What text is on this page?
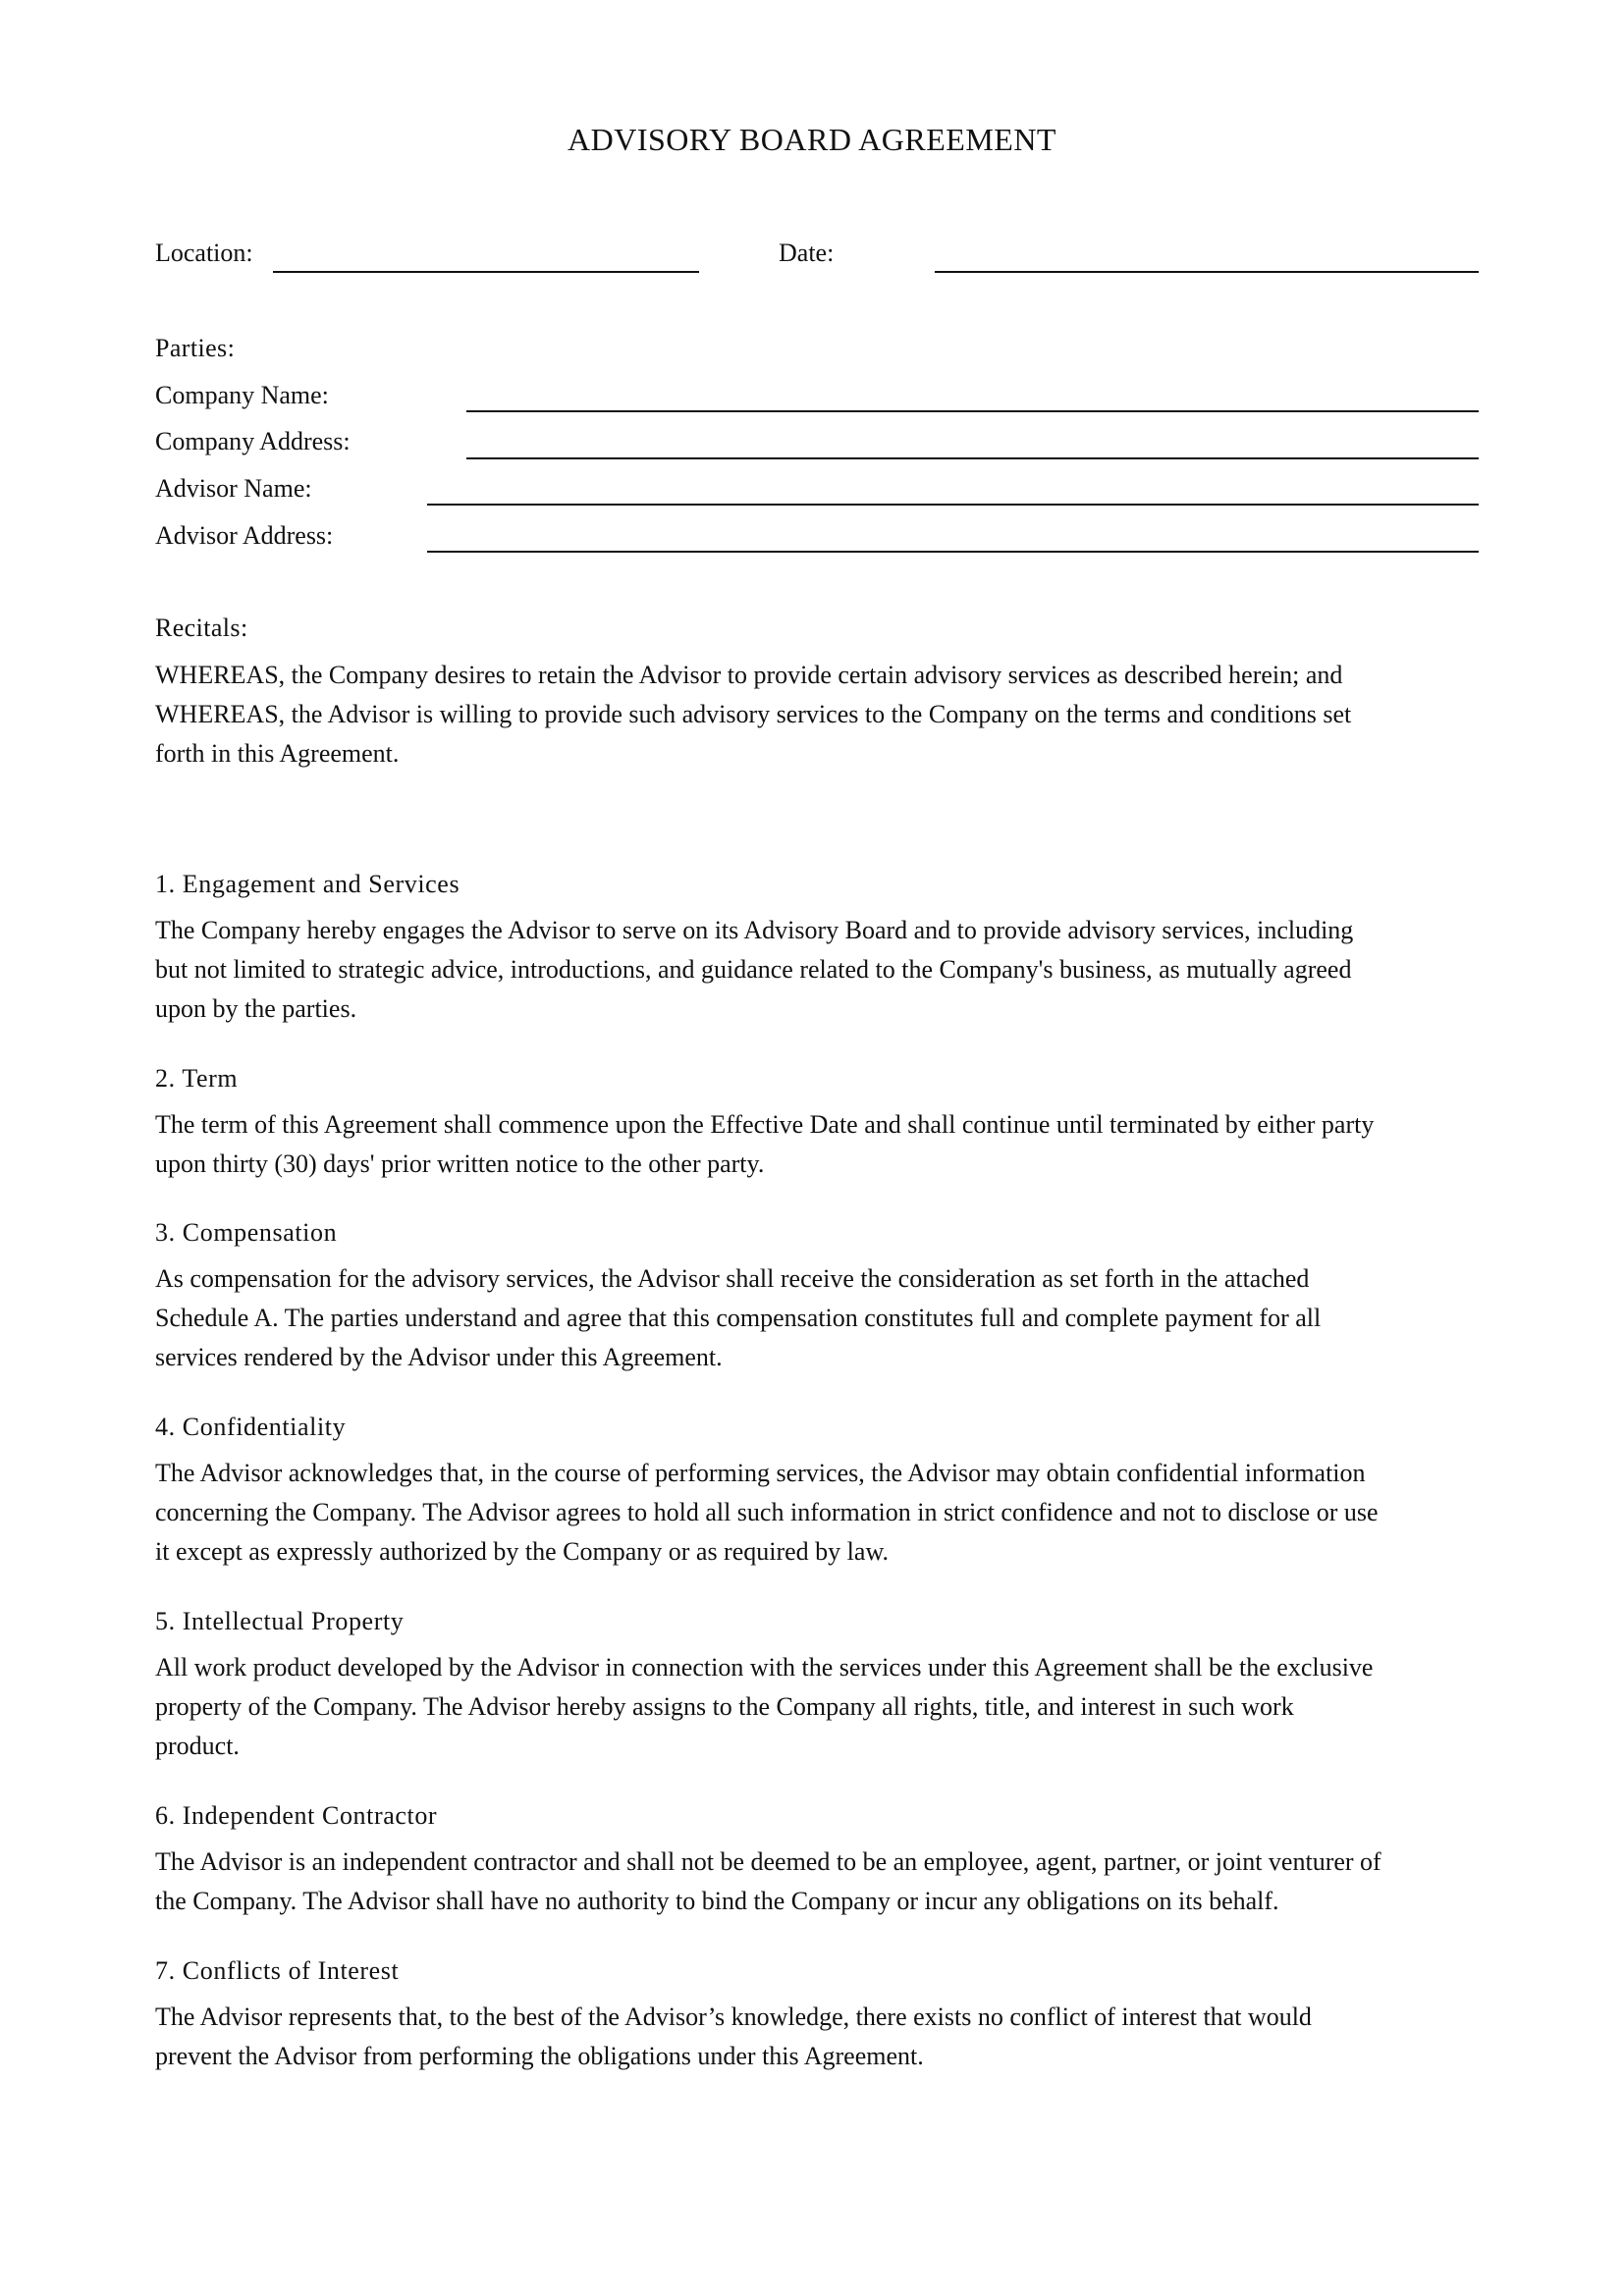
ADVISORY BOARD AGREEMENT
Location:	Date:
Parties:
Company Name:
Company Address:
Advisor Name:
Advisor Address:
Recitals:

WHEREAS, the Company desires to retain the Advisor to provide certain advisory services as described herein; and
WHEREAS, the Advisor is willing to provide such advisory services to the Company on the terms and conditions set
forth in this Agreement.

1. Engagement and Services

The Company hereby engages the Advisor to serve on its Advisory Board and to provide advisory services, including
but not limited to strategic advice, introductions, and guidance related to the Company's business, as mutually agreed
upon by the parties.

2. Term

The term of this Agreement shall commence upon the Effective Date and shall continue until terminated by either party
upon thirty (30) days' prior written notice to the other party.

3. Compensation

As compensation for the advisory services, the Advisor shall receive the consideration as set forth in the attached
Schedule A. The parties understand and agree that this compensation constitutes full and complete payment for all
services rendered by the Advisor under this Agreement.

4. Confidentiality

The Advisor acknowledges that, in the course of performing services, the Advisor may obtain confidential information
concerning the Company. The Advisor agrees to hold all such information in strict confidence and not to disclose or use
it except as expressly authorized by the Company or as required by law.

5. Intellectual Property

All work product developed by the Advisor in connection with the services under this Agreement shall be the exclusive
property of the Company. The Advisor hereby assigns to the Company all rights, title, and interest in such work
product.

6. Independent Contractor

The Advisor is an independent contractor and shall not be deemed to be an employee, agent, partner, or joint venturer of
the Company. The Advisor shall have no authority to bind the Company or incur any obligations on its behalf.

7. Conflicts of Interest

The Advisor represents that, to the best of the Advisor’s knowledge, there exists no conflict of interest that would
prevent the Advisor from performing the obligations under this Agreement.
